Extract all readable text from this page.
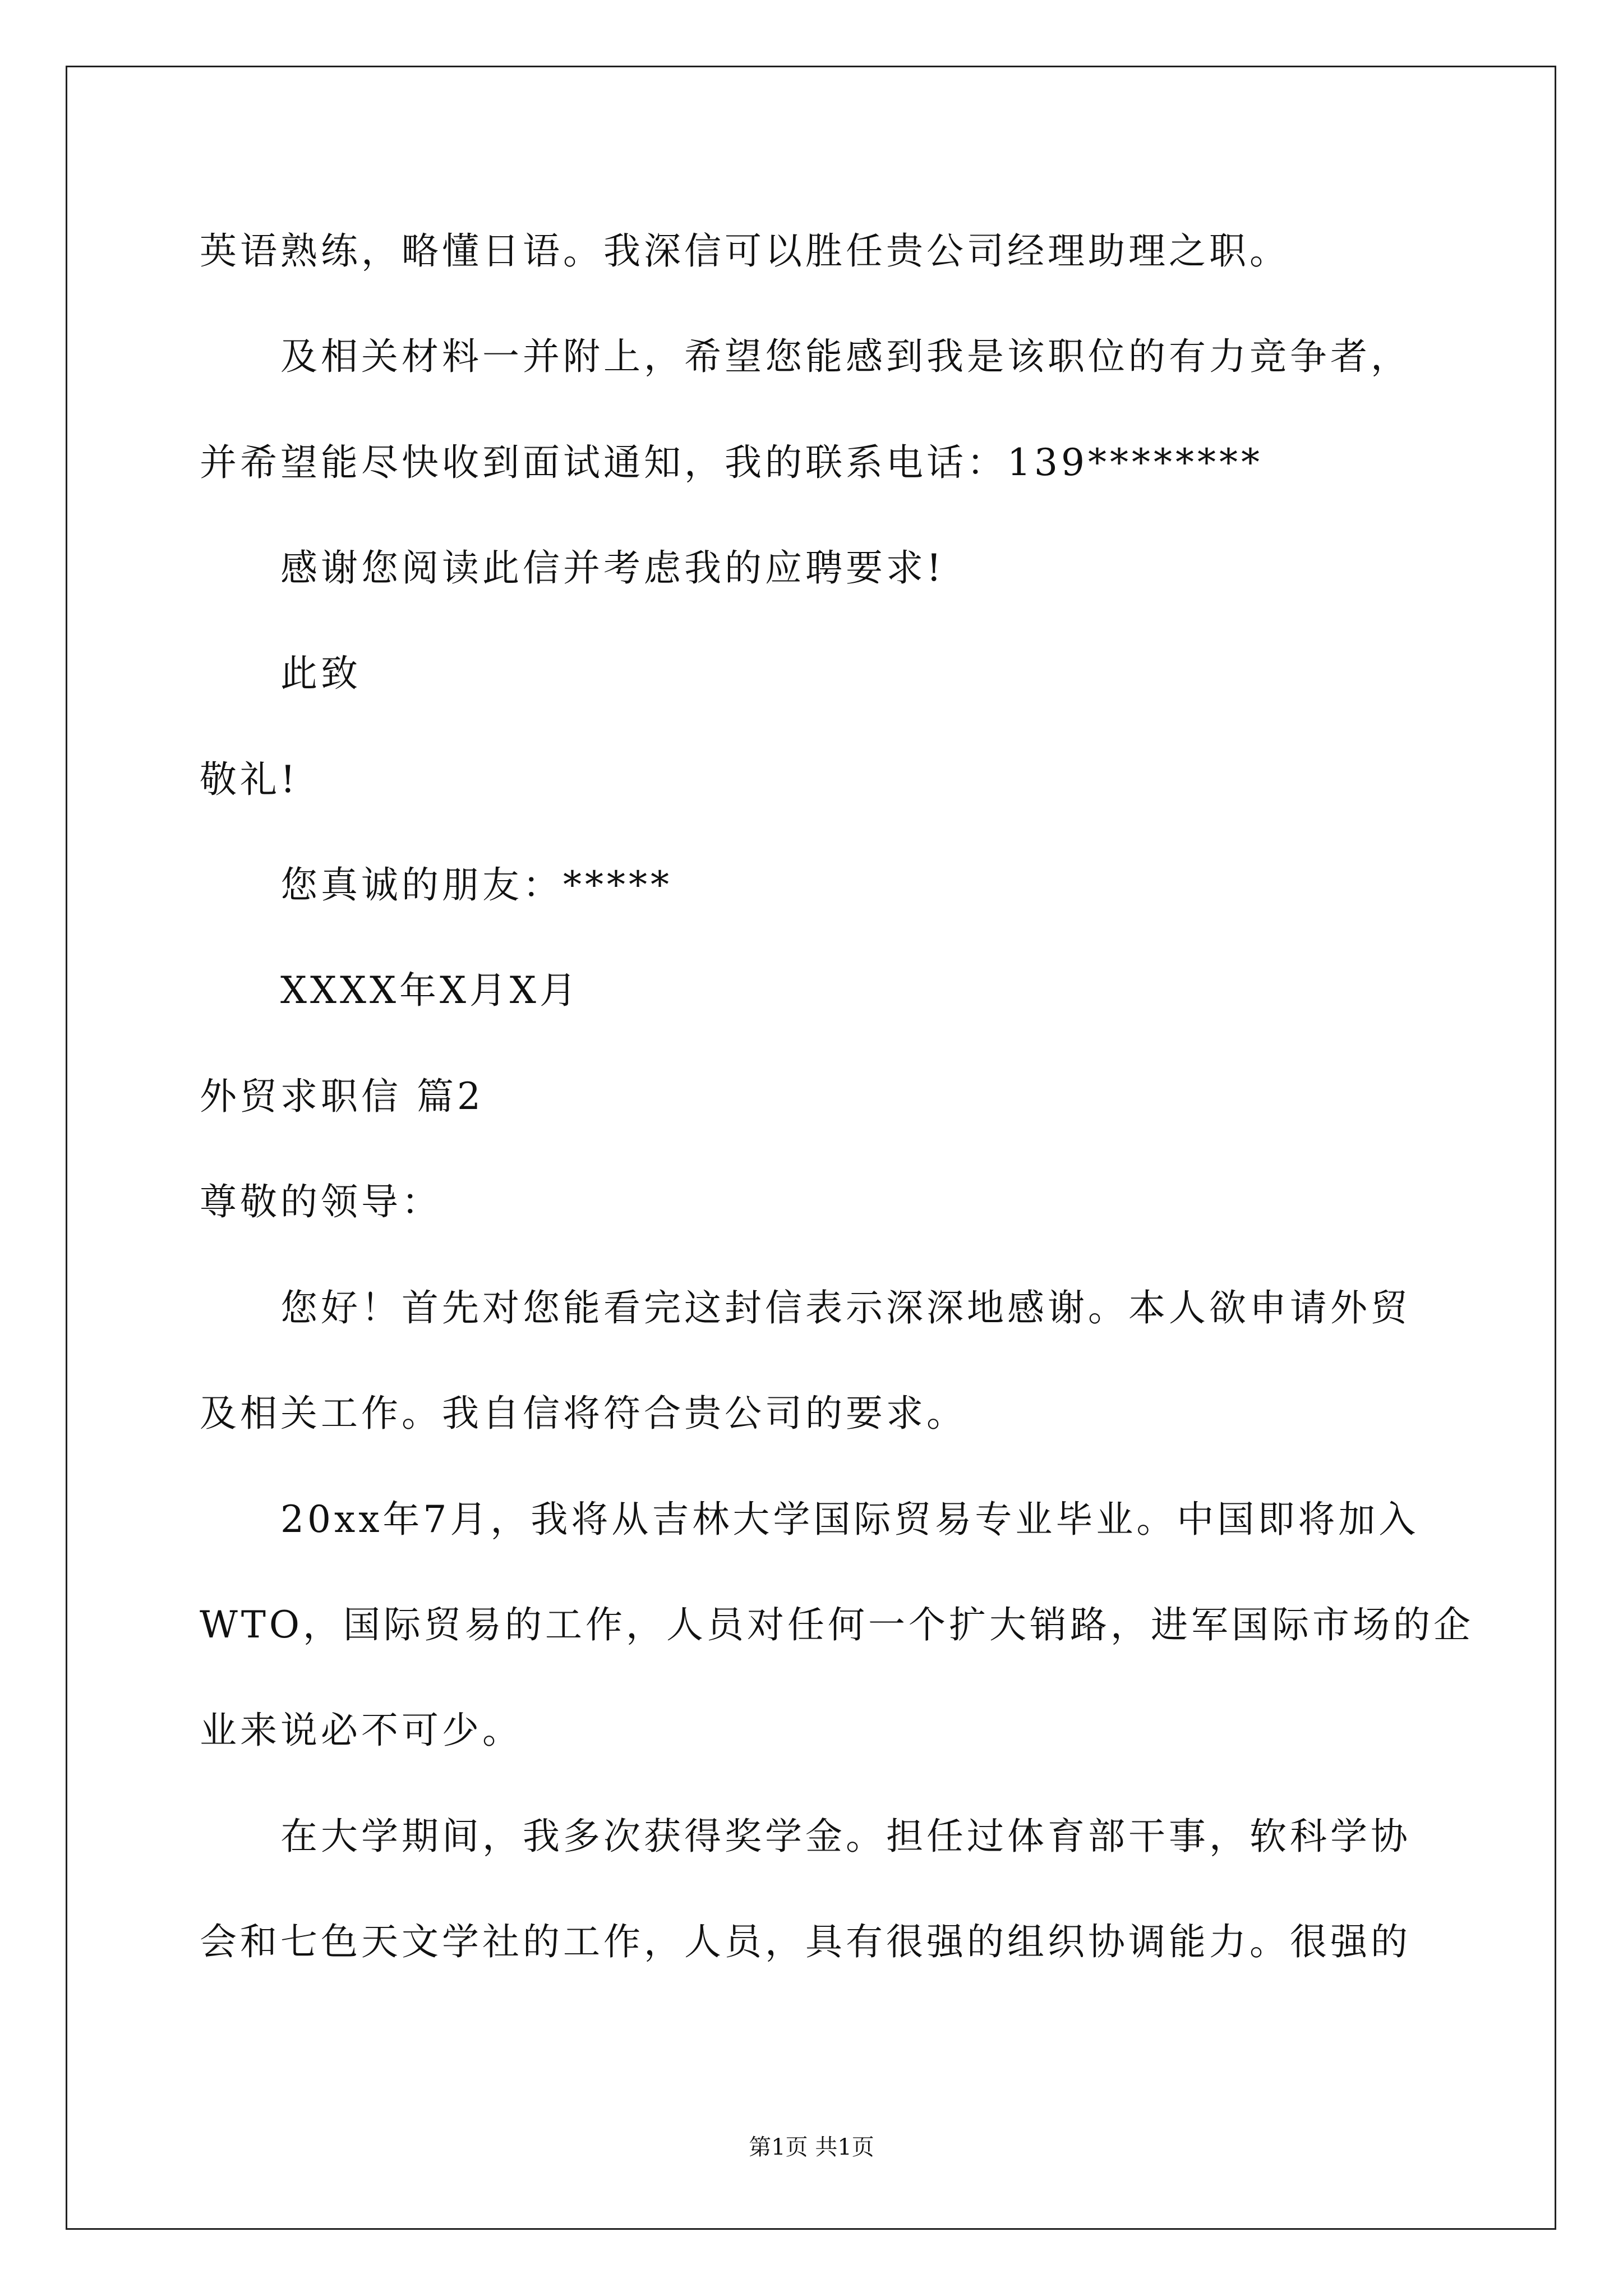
英语熟练，略懂日语。我深信可以胜任贵公司经理助理之职。
及相关材料一并附上，希望您能感到我是该职位的有力竞争者，
并希望能尽快收到面试通知，我的联系电话：139********
感谢您阅读此信并考虑我的应聘要求!
此致
敬礼!
您真诚的朋友：*****
XXXX年X月X月
外贸求职信 篇2
尊敬的领导：
您好！首先对您能看完这封信表示深深地感谢。本人欲申请外贸
及相关工作。我自信将符合贵公司的要求。
20xx年7月，我将从吉林大学国际贸易专业毕业。中国即将加入
WTO，国际贸易的工作，人员对任何一个扩大销路，进军国际市场的企
业来说必不可少。
在大学期间，我多次获得奖学金。担任过体育部干事，软科学协
会和七色天文学社的工作，人员，具有很强的组织协调能力。很强的
第1页 共1页
